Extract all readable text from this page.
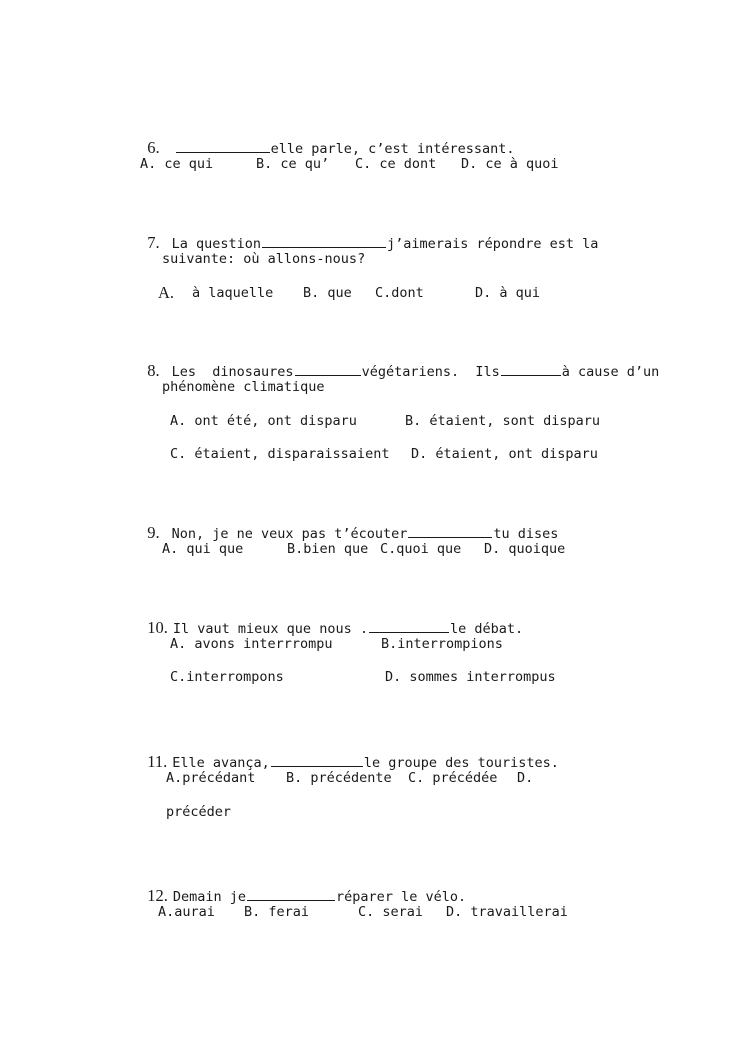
6.	elle parle, c’est intéressant.

A. ce qui	B. ce qu’ C. ce dont D. ce à quoi

7. La question	j’aimerais répondre est la

suivante: où allons-nous?
A. à laquelle B. que C.dont	D. à qui

8. Les  dinosaures	végétariens.  Ils	à cause d’un

phénomène climatique
A. ont été, ont disparu	B. étaient, sont disparu
C. étaient, disparaissaient D. étaient, ont disparu

9. Non, je ne veux pas t’écouter	tu dises

A. qui que	B.bien que C.quoi que D. quoique

10. Il vaut mieux que nous .	le débat.

A. avons interrrompu	B.interrompions
C.interrompons	D. sommes interrompus

11. Elle avança,	le groupe des touristes.

A.précédant B. précédente C. précédée D.
précéder

12. Demain je	réparer le vélo.

A.aurai B. ferai	C. serai D. travaillerai
